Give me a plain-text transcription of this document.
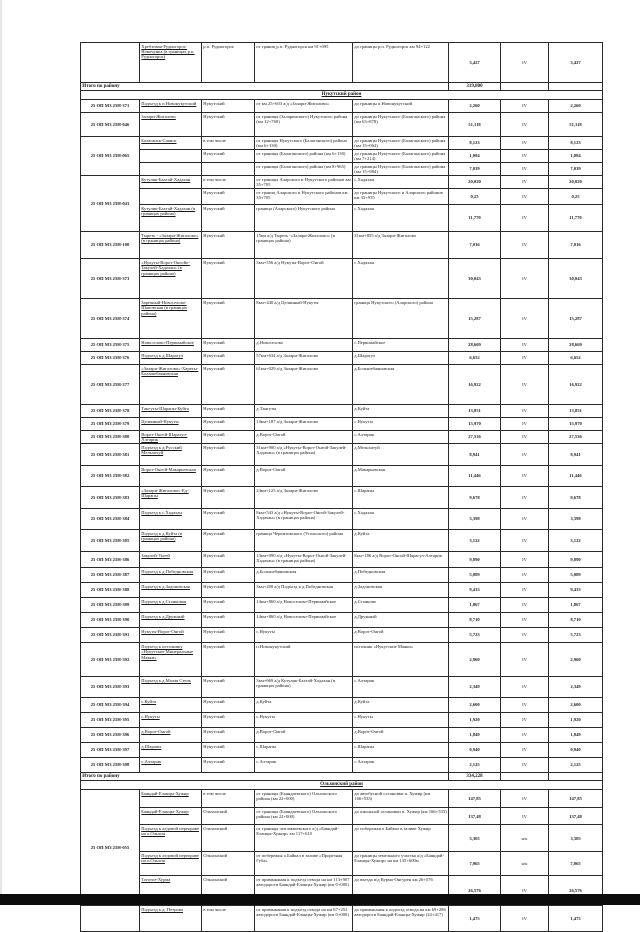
	Хребтовая-Рудногорск-Новочунка (в границах р.п. Рудногорск)	р.п. Рудногорск	от границ р.п. Рудногорск км 91+095	до границы р.п. Рудногорск км 94+122	3,427	IV	3,427
Итого по району					319,800		
Нукутский район							
25 ОП МЗ 25Н-371	Подъезд к п.Новонукутский	Нукутский	от км 25+603 а/д «Залари-Жигалово»	до границы п.Новонукутский	2,260	IV	2,260
25 ОП МЗ 25Н-046	Залари-Жигалово	Нукутский	от границы (Заларинского) Нукутского района (км 12+760)	до границы Нукутского (Балаганского) района (км 63+878)	51,118	IV	51,118
25 ОП МЗ 25Н-065	Балаганск-Саянск	в том числе	от границы Нукутского (Балаганского) района (км 6+130)	до границы Нукутского (Балаганского) района (км 15+064)	8,123	IV	8,123
		Нукутский	от границы (Балаганского) района (км 6+130)	до границы Нукутского (Балаганского) района (км 7+214)	1,084	IV	1,084
			от границы (Балаганского) района (км 8+965)	до границы Нукутского (Балаганского) района (км 15+984)	7,039	IV	7,039
25 ОП МЗ 25Н-043	Кутулик-Бахтай-Хадахан	в том числе	от границы Аларского и Нукутского районов км 35+705	с.Хадахан	20,020	IV	20,020
		Нукутский	от границ Аларского и Нукутского районов км 35+705	до границы Нукутского и Аларского районов км 35+955	0,25	IV	0,25
	Кутулик-Бахтай-Хадахан (в границах района)	Нукутский	граница (Аларского) Нукутского района	с.Хадахан	11,770	IV	11,770
25 ОП МЗ 25Н-100	Тыреть - «Залари-Жигалово» (в границах района)	Нукутский	15км а/д Тыреть -«Залари-Жигалово» (в границах района)	31км+855 а/д Залари-Жигалово	7,016	IV	7,016
25 ОП МЗ 25Н-373	«Нукуты-Ворот-Онгойо-Закулей-Хадахан» (в границах района)	Нукутский	3км+556 а/д Нукуты-Ворот-Онгой	с.Хадахан	30,043	IV	30,043
25 ОП МЗ 25Н-374	Заречный-Новоселово-Шаповская (в границах района)	Нукутский	8км+440 а/д Целинный-Нукуты	граница Нукутского (Аларского) района	15,287	IV	15,287
25 ОП МЗ 25Н-375	Новоселово-Первомайское	Нукутский	д.Новоселово	с.Первомайское	28,669	IV	28,669
25 ОП МЗ 25Н-376	Подъезд к д.Шарагул	Нукутский	57км+634 а/д Залари-Жигалово	д.Шарагул	6,652	IV	6,652
25 ОП МЗ 25Н-377	«Залари-Жигалово»-Хареты-Большебаяновская	Нукутский	61км+029 а/д Залари-Жигалово	д.Большебаяновская	16,922	IV	16,922
25 ОП МЗ 25Н-378	Тангуты-Шарапы-Куйта	Нукутский	д.Тангуты	д.Куйта	13,851	IV	13,851
25 ОП МЗ 25Н-379	Целинный-Нукуты	Нукутский	14км+187 а/д Залари-Жигалово	с.Нукуты	15,970	IV	15,970
25 ОП МЗ 25Н-380	Ворот-Онгой-Шарагул-Алтарик	Нукутский	д.Ворот-Онгой	с.Алтарик	27,536	IV	27,536
25 ОП МЗ 25Н-381	Подъезд к д.Русский Мельхитуй	Нукутский	31км+900 а/д «Нукуты-Ворот-Онгой-Закулей-Хадахан» (в границах района)	д.Мельхитуй	8,941	IV	8,941
25 ОП МЗ 25Н-382	Ворот-Онгой-Макарьевская	Нукутский	д.Ворот-Онгой	д.Макарьевская	11,446	IV	11,446
25 ОП МЗ 25Н-383	«Залари-Жигалово»-Ед-Шарапы	Нукутский	24км+125 а/д Залари-Жигалово	с.Шарапы	9,678	IV	9,678
25 ОП МЗ 25Н-384	Подъезд к с.Хадахан	Нукутский	8км+543 а/д «Нукуты-Ворот-Онгой-Закулей-Хадахан» (в границах района)	с.Хадахан	3,398	IV	3,398
25 ОП МЗ 25Н-385	Подъезд к д.Куйта (в границах района)	Нукутский	граница Черемховского (Усольского) района	д.Куйта	3,122	IV	3,122
25 ОП МЗ 25Н-386	Закулей-Унгей	Нукутский	13км+090 а/д «Нукуты-Ворот-Онгой-Закулей-Хадахан» (в границах района)	8км+186 а/д Ворот-Онгой-Шарагул-Алтарик	9,890	IV	9,890
25 ОП МЗ 25Н-387	Подъезд к д.Победновская	Нукутский	д.Большебаяновская	д.Победновская	5,089	IV	5,089
25 ОП МЗ 25Н-388	Подъезд к д.Задоновская	Нукутский	3км+200 а/д Подъезд к д.Победновская	д.Задоновская	9,433	IV	9,433
25 ОП МЗ 25Н-389	Подъезд к д.Стояновая	Нукутский	14км+860 а/д Новоселово-Первомайское	д.Стояново	1,867	IV	1,867
25 ОП МЗ 25Н-390	Подъезд к д.Дружный	Нукутский	14км+860 а/д Новоселово-Первомайское	д.Дружный	8,710	IV	8,710
25 ОП МЗ 25Н-391	Нукуты-Ворот-Онгой	Нукутский	с.Нукуты	д.Ворот-Онгой	5,723	IV	5,723
25 ОП МЗ 25Н-392	Подъезд к источнику «Нукутские Минеральные Маяки»	Нукутский	п.Новонукутский	источник «Нукутские Маяки»	2,960	IV	2,960
25 ОП МЗ 25Н-393	Подъезд к д.Малая Степь	Нукутский	3км+669 а/д Кутулик-Бахтай-Хадахан (в границах района)	с.Алтарик	2,349	IV	2,349
25 ОП МЗ 25Н-394	с.Куйта	Нукутский	д.Куйта	д.Куйта	2,600	IV	2,600
25 ОП МЗ 25Н-395	с.Нукуты	Нукутский	с.Нукуты	с.Нукуты	1,920	IV	1,920
25 ОП МЗ 25Н-396	д.Ворот-Онгой	Нукутский	д.Ворот-Онгой	д.Ворот-Онгой	1,849	IV	1,849
25 ОП МЗ 25Н-397	д.Шарапы	Нукутский	с.Шарапы	с.Шарапы	0,940	IV	0,940
25 ОП МЗ 25Н-398	с.Алтарик	Нукутский	с.Алтарик	с.Алтарик	2,125	IV	2,125
Итого по району					334,228		
Ольхонский район							
25 ОП МЗ 25Н-055	Баяндай-Еланцы-Хужир	в том числе	от границы (Баяндаевского) Ольхонского района (км 22+000)	до автобусной остановки п. Хужир (км 166+533)	147,85	IV	147,85
	Баяндай-Еланцы-Хужир	Ольхонский	от границы (Баяндаевского) Ольхонского района (км 22+000)	до школьной остановки п. Хужир (км 166+533)	137,48	IV	137,48
	Подъезд к ледовой переправе на о.Ольхон	Ольхонский	от границы чеплакшевского а/д «Баяндай-Еланцы-Хужир» км 117+610	до побережья о.Байкал в заливе Хужир	3,305	н/к	3,305
	Подъезд к ледовой переправе на о.Ольхон	Ольхонский	от побережья о.Байкал в заливе «Прорезная Губа»	до границы земельного участка а/д «Баяндай-Еланцы-Хужир» на км 135+600м	7,065	н/к	7,065
	Тоготое-Хурма	Ольхонский	от примыкания к подъезд отвода на км 113+907 автодороги Баяндай-Еланцы-Хужир (км 0+000)	до въезда в/д Курма-Онгурен км 26+576	26,576	IV	26,576
	Подъезд к д. Петрова	в том числе	от примыкания к подъезд отвода на км 67+252 автодороги Баяндай-Еланцы-Хужир (км 0+000)	до примыкания к подъезд отвода на км 69+286 автодороги Баяндай-Еланцы-Хужир (24+417)	1,475	IV	1,475
